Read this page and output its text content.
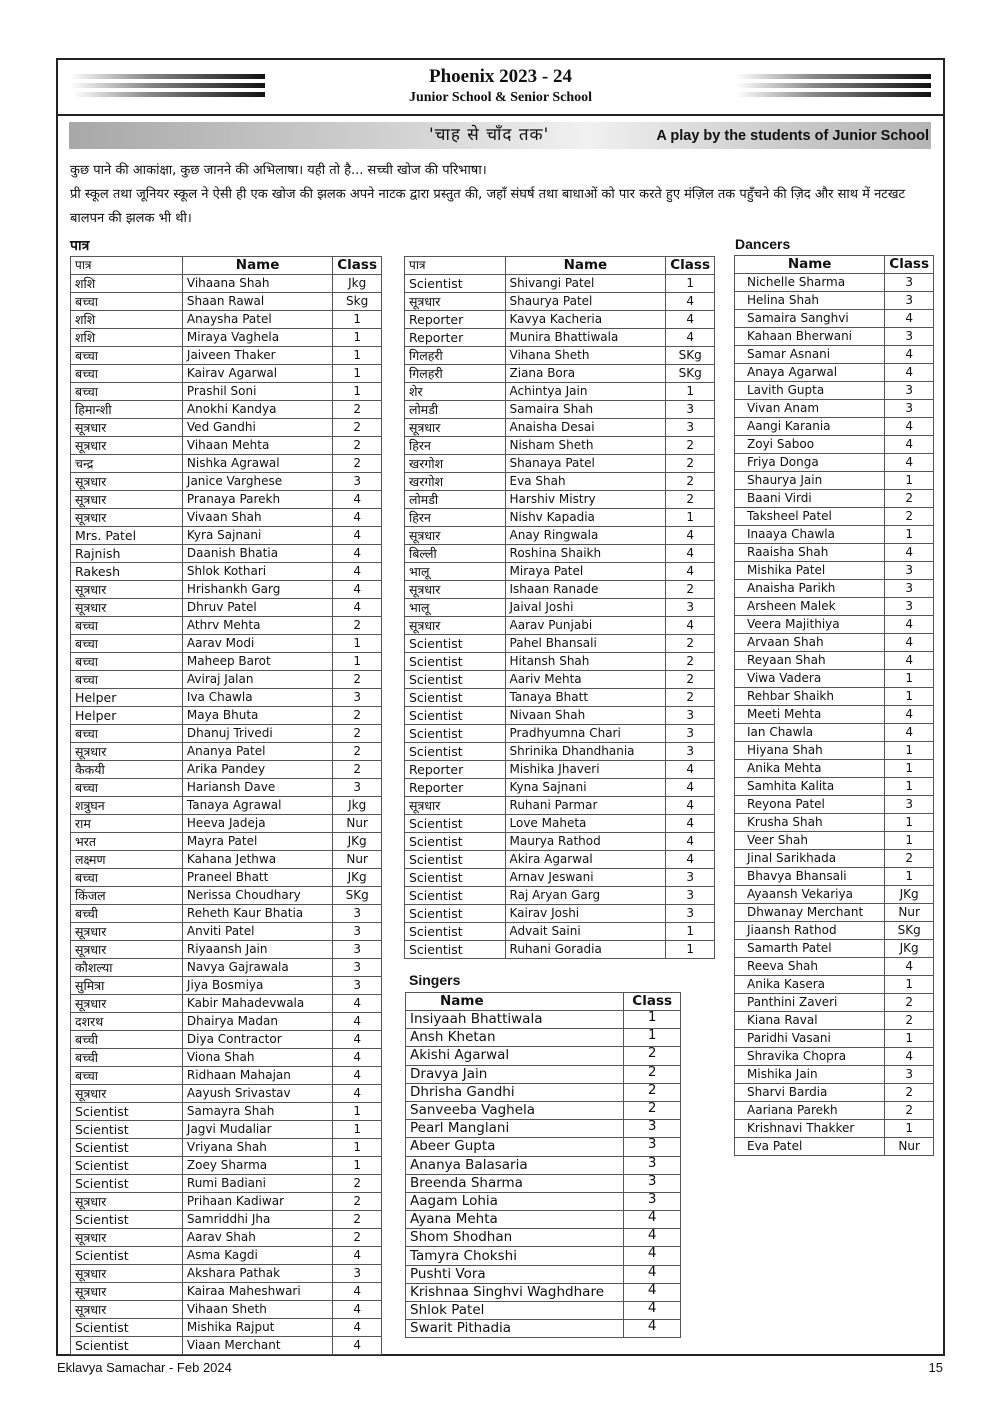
Phoenix 2023 - 24
Junior School & Senior School
'चाह से चाँद तक'	A play by the students of Junior School
कुछ पाने की आकांक्षा, कुछ जानने की अभिलाषा। यही तो है... सच्ची खोज की परिभाषा।
प्री स्कूल तथा जूनियर स्कूल ने ऐसी ही एक खोज की झलक अपने नाटक द्वारा प्रस्तुत की, जहाँ संघर्ष तथा बाधाओं को पार करते हुए मंज़िल तक पहुँचने की ज़िद और साथ में नटखट बालपन की झलक भी थी।
पात्र
पात्र	Name	Class
शशि	Vihaana Shah	Jkg
बच्चा	Shaan Rawal	Skg
शशि	Anaysha Patel	1
शशि	Miraya Vaghela	1
बच्चा	Jaiveen Thaker	1
बच्चा	Kairav Agarwal	1
बच्चा	Prashil Soni	1
हिमान्शी	Anokhi Kandya	2
सूत्रधार	Ved Gandhi	2
सूत्रधार	Vihaan Mehta	2
चन्द्र	Nishka Agrawal	2
सूत्रधार	Janice Varghese	3
सूत्रधार	Pranaya Parekh	4
सूत्रधार	Vivaan Shah	4
Mrs. Patel	Kyra Sajnani	4
Rajnish	Daanish Bhatia	4
Rakesh	Shlok Kothari	4
सूत्रधार	Hrishankh Garg	4
सूत्रधार	Dhruv Patel	4
बच्चा	Athrv Mehta	2
बच्चा	Aarav Modi	1
बच्चा	Maheep Barot	1
बच्चा	Aviraj Jalan	2
Helper	Iva Chawla	3
Helper	Maya Bhuta	2
बच्चा	Dhanuj Trivedi	2
सूत्रधार	Ananya Patel	2
कैकयी	Arika Pandey	2
बच्चा	Hariansh Dave	3
शत्रुघन	Tanaya Agrawal	Jkg
राम	Heeva Jadeja	Nur
भरत	Mayra Patel	JKg
लक्ष्मण	Kahana Jethwa	Nur
बच्चा	Praneel Bhatt	JKg
किंजल	Nerissa Choudhary	SKg
बच्ची	Reheth Kaur Bhatia	3
सूत्रधार	Anviti Patel	3
सूत्रधार	Riyaansh Jain	3
कौशल्या	Navya Gajrawala	3
सुमित्रा	Jiya Bosmiya	3
सूत्रधार	Kabir Mahadevwala	4
दशरथ	Dhairya Madan	4
बच्ची	Diya Contractor	4
बच्ची	Viona Shah	4
बच्चा	Ridhaan Mahajan	4
सूत्रधार	Aayush Srivastav	4
Scientist	Samayra Shah	1
Scientist	Jagvi Mudaliar	1
Scientist	Vriyana Shah	1
Scientist	Zoey Sharma	1
Scientist	Rumi Badiani	2
सूत्रधार	Prihaan Kadiwar	2
Scientist	Samriddhi Jha	2
सूत्रधार	Aarav Shah	2
Scientist	Asma Kagdi	4
सूत्रधार	Akshara Pathak	3
सूत्रधार	Kairaa Maheshwari	4
सूत्रधार	Vihaan Sheth	4
Scientist	Mishika Rajput	4
Scientist	Viaan Merchant	4
पात्र	Name	Class
Scientist	Shivangi Patel	1
सूत्रधार	Shaurya Patel	4
Reporter	Kavya Kacheria	4
Reporter	Munira Bhattiwala	4
गिलहरी	Vihana Sheth	SKg
गिलहरी	Ziana Bora	SKg
शेर	Achintya Jain	1
लोमडी	Samaira Shah	3
सूत्रधार	Anaisha Desai	3
हिरन	Nisham Sheth	2
खरगोश	Shanaya Patel	2
खरगोश	Eva Shah	2
लोमडी	Harshiv Mistry	2
हिरन	Nishv Kapadia	1
सूत्रधार	Anay Ringwala	4
बिल्ली	Roshina Shaikh	4
भालू	Miraya Patel	4
सूत्रधार	Ishaan Ranade	2
भालू	Jaival Joshi	3
सूत्रधार	Aarav Punjabi	4
Scientist	Pahel Bhansali	2
Scientist	Hitansh Shah	2
Scientist	Aariv Mehta	2
Scientist	Tanaya Bhatt	2
Scientist	Nivaan Shah	3
Scientist	Pradhyumna Chari	3
Scientist	Shrinika Dhandhania	3
Reporter	Mishika Jhaveri	4
Reporter	Kyna Sajnani	4
सूत्रधार	Ruhani Parmar	4
Scientist	Love Maheta	4
Scientist	Maurya Rathod	4
Scientist	Akira Agarwal	4
Scientist	Arnav Jeswani	3
Scientist	Raj Aryan Garg	3
Scientist	Kairav Joshi	3
Scientist	Advait Saini	1
Scientist	Ruhani Goradia	1
Singers
Name	Class
Insiyaah Bhattiwala	1
Ansh Khetan	1
Akishi Agarwal	2
Dravya Jain	2
Dhrisha Gandhi	2
Sanveeba Vaghela	2
Pearl Manglani	3
Abeer Gupta	3
Ananya Balasaria	3
Breenda Sharma	3
Aagam Lohia	3
Ayana Mehta	4
Shom Shodhan	4
Tamyra Chokshi	4
Pushti Vora	4
Krishnaa Singhvi Waghdhare	4
Shlok Patel	4
Swarit Pithadia	4
Dancers
Name	Class
Nichelle Sharma	3
Helina Shah	3
Samaira Sanghvi	4
Kahaan Bherwani	3
Samar Asnani	4
Anaya Agarwal	4
Lavith Gupta	3
Vivan Anam	3
Aangi Karania	4
Zoyi Saboo	4
Friya Donga	4
Shaurya Jain	1
Baani Virdi	2
Taksheel Patel	2
Inaaya Chawla	1
Raaisha Shah	4
Mishika Patel	3
Anaisha Parikh	3
Arsheen Malek	3
Veera Majithiya	4
Arvaan Shah	4
Reyaan Shah	4
Viwa Vadera	1
Rehbar Shaikh	1
Meeti Mehta	4
Ian Chawla	4
Hiyana Shah	1
Anika Mehta	1
Samhita Kalita	1
Reyona Patel	3
Krusha Shah	1
Veer Shah	1
Jinal Sarikhada	2
Bhavya Bhansali	1
Ayaansh Vekariya	JKg
Dhwanay Merchant	Nur
Jiaansh Rathod	SKg
Samarth Patel	JKg
Reeva Shah	4
Anika Kasera	1
Panthini Zaveri	2
Kiana Raval	2
Paridhi Vasani	1
Shravika Chopra	4
Mishika Jain	3
Sharvi Bardia	2
Aariana Parekh	2
Krishnavi Thakker	1
Eva Patel	Nur
Eklavya Samachar - Feb 2024	15
